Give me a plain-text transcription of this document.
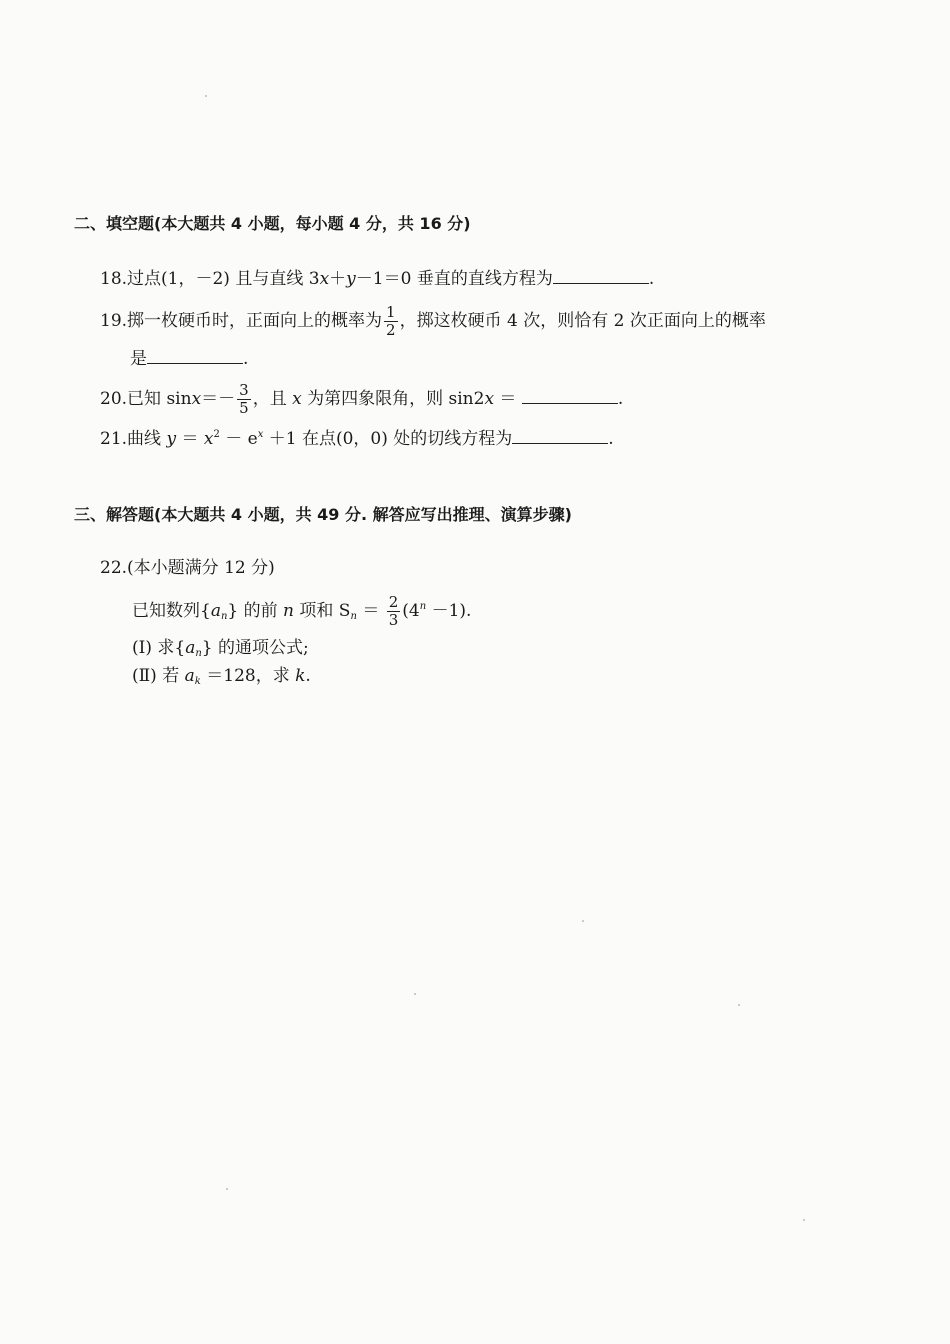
二、填空题(本大题共 4 小题，每小题 4 分，共 16 分)
18.过点(1，－2) 且与直线 3x＋y－1＝0 垂直的直线方程为	.
19.掷一枚硬币时，正面向上的概率为 $\frac{1}{2}$ ，掷这枚硬币 4 次，则恰有 2 次正面向上的概率
是	.
20.已知 $\sin x=- \frac{3}{5}$ ，且 x 为第四象限角，则 sin2x ＝	.
21.曲线 $y = x^2 - e^x +1$ 在点(0，0) 处的切线方程为	.
三、解答题(本大题共 4 小题，共 49 分. 解答应写出推理、演算步骤)
22.(本小题满分 12 分)
已知数列$\{a_n\}$ 的前 n 项和 $S_n = \frac{2}{3} (4^n -1)$.
(Ⅰ) 求$\{a_n\}$ 的通项公式;
(Ⅱ) 若 $a_k =128$，求 k.
